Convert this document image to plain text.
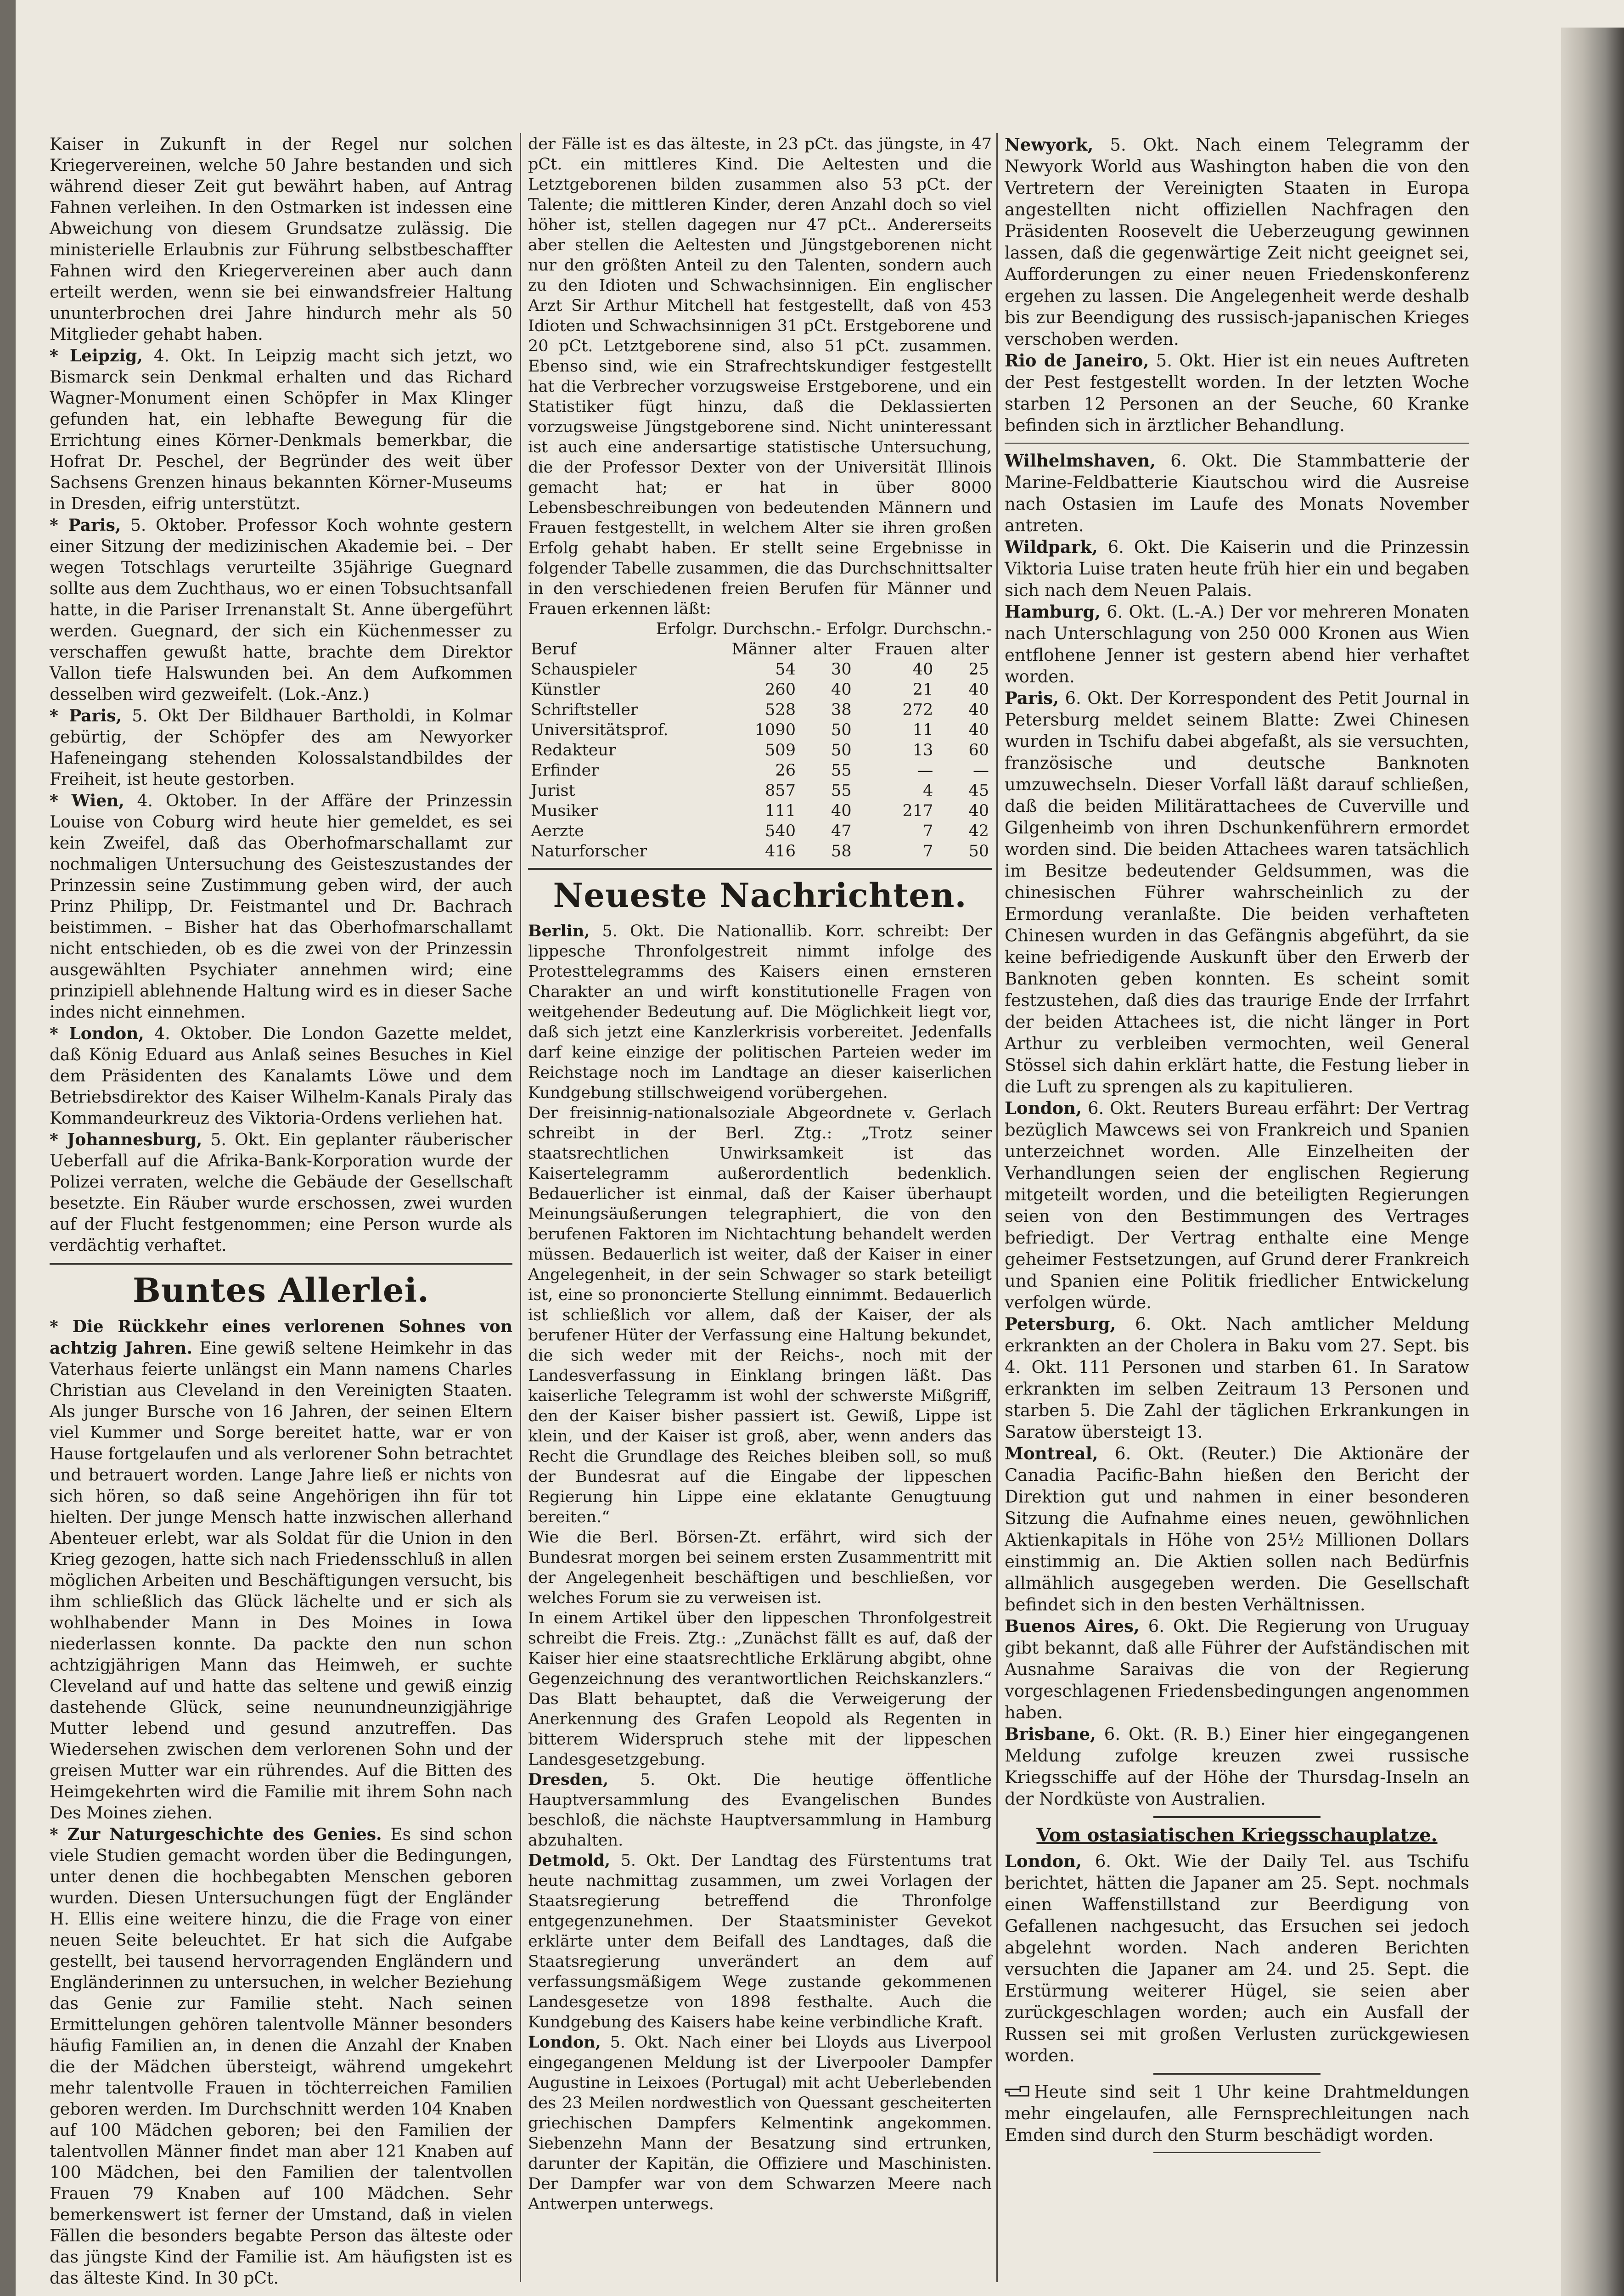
Kaiser in Zukunft in der Regel nur solchen Kriegervereinen, welche 50 Jahre bestanden und sich während dieser Zeit gut bewährt haben, auf Antrag Fahnen verleihen. In den Ostmarken ist indessen eine Abweichung von diesem Grundsatze zulässig. Die ministerielle Erlaubnis zur Führung selbstbeschaffter Fahnen wird den Kriegervereinen aber auch dann erteilt werden, wenn sie bei einwandsfreier Haltung ununterbrochen drei Jahre hindurch mehr als 50 Mitglieder gehabt haben.

* Leipzig, 4. Okt. In Leipzig macht sich jetzt, wo Bismarck sein Denkmal erhalten und das Richard Wagner-Monument einen Schöpfer in Max Klinger gefunden hat, ein lebhafte Bewegung für die Errichtung eines Körner-Denkmals bemerkbar, die Hofrat Dr. Peschel, der Begründer des weit über Sachsens Grenzen hinaus bekannten Körner-Museums in Dresden, eifrig unterstützt.

* Paris, 5. Oktober. Professor Koch wohnte gestern einer Sitzung der medizinischen Akademie bei. – Der wegen Totschlags verurteilte 35jährige Guegnard sollte aus dem Zuchthaus, wo er einen Tobsuchtsanfall hatte, in die Pariser Irrenanstalt St. Anne übergeführt werden. Guegnard, der sich ein Küchenmesser zu verschaffen gewußt hatte, brachte dem Direktor Vallon tiefe Halswunden bei. An dem Aufkommen desselben wird gezweifelt. (Lok.-Anz.)

* Paris, 5. Okt Der Bildhauer Bartholdi, in Kolmar gebürtig, der Schöpfer des am Newyorker Hafeneingang stehenden Kolossalstandbildes der Freiheit, ist heute gestorben.

* Wien, 4. Oktober. In der Affäre der Prinzessin Louise von Coburg wird heute hier gemeldet, es sei kein Zweifel, daß das Oberhofmarschallamt zur nochmaligen Untersuchung des Geisteszustandes der Prinzessin seine Zustimmung geben wird, der auch Prinz Philipp, Dr. Feistmantel und Dr. Bachrach beistimmen. – Bisher hat das Oberhofmarschallamt nicht entschieden, ob es die zwei von der Prinzessin ausgewählten Psychiater annehmen wird; eine prinzipiell ablehnende Haltung wird es in dieser Sache indes nicht einnehmen.

* London, 4. Oktober. Die London Gazette meldet, daß König Eduard aus Anlaß seines Besuches in Kiel dem Präsidenten des Kanalamts Löwe und dem Betriebsdirektor des Kaiser Wilhelm-Kanals Piraly das Kommandeurkreuz des Viktoria-Ordens verliehen hat.

* Johannesburg, 5. Okt. Ein geplanter räuberischer Ueberfall auf die Afrika-Bank-Korporation wurde der Polizei verraten, welche die Gebäude der Gesellschaft besetzte. Ein Räuber wurde erschossen, zwei wurden auf der Flucht festgenommen; eine Person wurde als verdächtig verhaftet.

Buntes Allerlei.

* Die Rückkehr eines verlorenen Sohnes von achtzig Jahren. Eine gewiß seltene Heimkehr in das Vaterhaus feierte unlängst ein Mann namens Charles Christian aus Cleveland in den Vereinigten Staaten. Als junger Bursche von 16 Jahren, der seinen Eltern viel Kummer und Sorge bereitet hatte, war er von Hause fortgelaufen und als verlorener Sohn betrachtet und betrauert worden. Lange Jahre ließ er nichts von sich hören, so daß seine Angehörigen ihn für tot hielten. Der junge Mensch hatte inzwischen allerhand Abenteuer erlebt, war als Soldat für die Union in den Krieg gezogen, hatte sich nach Friedensschluß in allen möglichen Arbeiten und Beschäftigungen versucht, bis ihm schließlich das Glück lächelte und er sich als wohlhabender Mann in Des Moines in Iowa niederlassen konnte. Da packte den nun schon achtzigjährigen Mann das Heimweh, er suchte Cleveland auf und hatte das seltene und gewiß einzig dastehende Glück, seine neunundneunzigjährige Mutter lebend und gesund anzutreffen. Das Wiedersehen zwischen dem verlorenen Sohn und der greisen Mutter war ein rührendes. Auf die Bitten des Heimgekehrten wird die Familie mit ihrem Sohn nach Des Moines ziehen.

* Zur Naturgeschichte des Genies. Es sind schon viele Studien gemacht worden über die Bedingungen, unter denen die hochbegabten Menschen geboren wurden. Diesen Untersuchungen fügt der Engländer H. Ellis eine weitere hinzu, die die Frage von einer neuen Seite beleuchtet. Er hat sich die Aufgabe gestellt, bei tausend hervorragenden Engländern und Engländerinnen zu untersuchen, in welcher Beziehung das Genie zur Familie steht. Nach seinen Ermittelungen gehören talentvolle Männer besonders häufig Familien an, in denen die Anzahl der Knaben die der Mädchen übersteigt, während umgekehrt mehr talentvolle Frauen in töchterreichen Familien geboren werden. Im Durchschnitt werden 104 Knaben auf 100 Mädchen geboren; bei den Familien der talentvollen Männer findet man aber 121 Knaben auf 100 Mädchen, bei den Familien der talentvollen Frauen 79 Knaben auf 100 Mädchen. Sehr bemerkenswert ist ferner der Umstand, daß in vielen Fällen die besonders begabte Person das älteste oder das jüngste Kind der Familie ist. Am häufigsten ist es das älteste Kind. In 30 pCt.

der Fälle ist es das älteste, in 23 pCt. das jüngste, in 47 pCt. ein mittleres Kind. Die Aeltesten und die Letztgeborenen bilden zusammen also 53 pCt. der Talente; die mittleren Kinder, deren Anzahl doch so viel höher ist, stellen dagegen nur 47 pCt.. Andererseits aber stellen die Aeltesten und Jüngstgeborenen nicht nur den größten Anteil zu den Talenten, sondern auch zu den Idioten und Schwachsinnigen. Ein englischer Arzt Sir Arthur Mitchell hat festgestellt, daß von 453 Idioten und Schwachsinnigen 31 pCt. Erstgeborene und 20 pCt. Letztgeborene sind, also 51 pCt. zusammen. Ebenso sind, wie ein Strafrechtskundiger festgestellt hat die Verbrecher vorzugsweise Erstgeborene, und ein Statistiker fügt hinzu, daß die Deklassierten vorzugsweise Jüngstgeborene sind. Nicht uninteressant ist auch eine andersartige statistische Untersuchung, die der Professor Dexter von der Universität Illinois gemacht hat; er hat in über 8000 Lebensbeschreibungen von bedeutenden Männern und Frauen festgestellt, in welchem Alter sie ihren großen Erfolg gehabt haben. Er stellt seine Ergebnisse in folgender Tabelle zusammen, die das Durchschnittsalter in den verschiedenen freien Berufen für Männer und Frauen erkennen läßt:

Erfolgr. Durchschn.- Erfolgr. Durchschn.-
Beruf	Männer	alter	Frauen	alter
Schauspieler	54	30	40	25
Künstler	260	40	21	40
Schriftsteller	528	38	272	40
Universitätsprof.	1090	50	11	40
Redakteur	509	50	13	60
Erfinder	26	55	—	—
Jurist	857	55	4	45
Musiker	111	40	217	40
Aerzte	540	47	7	42
Naturforscher	416	58	7	50
Neueste Nachrichten.

Berlin, 5. Okt. Die Nationallib. Korr. schreibt: Der lippesche Thronfolgestreit nimmt infolge des Protesttelegramms des Kaisers einen ernsteren Charakter an und wirft konstitutionelle Fragen von weitgehender Bedeutung auf. Die Möglichkeit liegt vor, daß sich jetzt eine Kanzlerkrisis vorbereitet. Jedenfalls darf keine einzige der politischen Parteien weder im Reichstage noch im Landtage an dieser kaiserlichen Kundgebung stillschweigend vorübergehen.

Der freisinnig-nationalsoziale Abgeordnete v. Gerlach schreibt in der Berl. Ztg.: „Trotz seiner staatsrechtlichen Unwirksamkeit ist das Kaisertelegramm außerordentlich bedenklich. Bedauerlicher ist einmal, daß der Kaiser überhaupt Meinungsäußerungen telegraphiert, die von den berufenen Faktoren im Nichtachtung behandelt werden müssen. Bedauerlich ist weiter, daß der Kaiser in einer Angelegenheit, in der sein Schwager so stark beteiligt ist, eine so prononcierte Stellung einnimmt. Bedauerlich ist schließlich vor allem, daß der Kaiser, der als berufener Hüter der Verfassung eine Haltung bekundet, die sich weder mit der Reichs-, noch mit der Landesverfassung in Einklang bringen läßt. Das kaiserliche Telegramm ist wohl der schwerste Mißgriff, den der Kaiser bisher passiert ist. Gewiß, Lippe ist klein, und der Kaiser ist groß, aber, wenn anders das Recht die Grundlage des Reiches bleiben soll, so muß der Bundesrat auf die Eingabe der lippeschen Regierung hin Lippe eine eklatante Genugtuung bereiten.“

Wie die Berl. Börsen-Zt. erfährt, wird sich der Bundesrat morgen bei seinem ersten Zusammentritt mit der Angelegenheit beschäftigen und beschließen, vor welches Forum sie zu verweisen ist.

In einem Artikel über den lippeschen Thronfolgestreit schreibt die Freis. Ztg.: „Zunächst fällt es auf, daß der Kaiser hier eine staatsrechtliche Erklärung abgibt, ohne Gegenzeichnung des verantwortlichen Reichskanzlers.“ Das Blatt behauptet, daß die Verweigerung der Anerkennung des Grafen Leopold als Regenten in bitterem Widerspruch stehe mit der lippeschen Landesgesetzgebung.

Dresden, 5. Okt. Die heutige öffentliche Hauptversammlung des Evangelischen Bundes beschloß, die nächste Hauptversammlung in Hamburg abzuhalten.

Detmold, 5. Okt. Der Landtag des Fürstentums trat heute nachmittag zusammen, um zwei Vorlagen der Staatsregierung betreffend die Thronfolge entgegenzunehmen. Der Staatsminister Gevekot erklärte unter dem Beifall des Landtages, daß die Staatsregierung unverändert an dem auf verfassungsmäßigem Wege zustande gekommenen Landesgesetze von 1898 festhalte. Auch die Kundgebung des Kaisers habe keine verbindliche Kraft.

London, 5. Okt. Nach einer bei Lloyds aus Liverpool eingegangenen Meldung ist der Liverpooler Dampfer Augustine in Leixoes (Portugal) mit acht Ueberlebenden des 23 Meilen nordwestlich von Quessant gescheiterten griechischen Dampfers Kelmentink angekommen. Siebenzehn Mann der Besatzung sind ertrunken, darunter der Kapitän, die Offiziere und Maschinisten. Der Dampfer war von dem Schwarzen Meere nach Antwerpen unterwegs.

Newyork, 5. Okt. Nach einem Telegramm der Newyork World aus Washington haben die von den Vertretern der Vereinigten Staaten in Europa angestellten nicht offiziellen Nachfragen den Präsidenten Roosevelt die Ueberzeugung gewinnen lassen, daß die gegenwärtige Zeit nicht geeignet sei, Aufforderungen zu einer neuen Friedenskonferenz ergehen zu lassen. Die Angelegenheit werde deshalb bis zur Beendigung des russisch-japanischen Krieges verschoben werden.

Rio de Janeiro, 5. Okt. Hier ist ein neues Auftreten der Pest festgestellt worden. In der letzten Woche starben 12 Personen an der Seuche, 60 Kranke befinden sich in ärztlicher Behandlung.

Wilhelmshaven, 6. Okt. Die Stammbatterie der Marine-Feldbatterie Kiautschou wird die Ausreise nach Ostasien im Laufe des Monats November antreten.

Wildpark, 6. Okt. Die Kaiserin und die Prinzessin Viktoria Luise traten heute früh hier ein und begaben sich nach dem Neuen Palais.

Hamburg, 6. Okt. (L.-A.) Der vor mehreren Monaten nach Unterschlagung von 250 000 Kronen aus Wien entflohene Jenner ist gestern abend hier verhaftet worden.

Paris, 6. Okt. Der Korrespondent des Petit Journal in Petersburg meldet seinem Blatte: Zwei Chinesen wurden in Tschifu dabei abgefaßt, als sie versuchten, französische und deutsche Banknoten umzuwechseln. Dieser Vorfall läßt darauf schließen, daß die beiden Militärattachees de Cuverville und Gilgenheimb von ihren Dschunkenführern ermordet worden sind. Die beiden Attachees waren tatsächlich im Besitze bedeutender Geldsummen, was die chinesischen Führer wahrscheinlich zu der Ermordung veranlaßte. Die beiden verhafteten Chinesen wurden in das Gefängnis abgeführt, da sie keine befriedigende Auskunft über den Erwerb der Banknoten geben konnten. Es scheint somit festzustehen, daß dies das traurige Ende der Irrfahrt der beiden Attachees ist, die nicht länger in Port Arthur zu verbleiben vermochten, weil General Stössel sich dahin erklärt hatte, die Festung lieber in die Luft zu sprengen als zu kapitulieren.

London, 6. Okt. Reuters Bureau erfährt: Der Vertrag bezüglich Mawcews sei von Frankreich und Spanien unterzeichnet worden. Alle Einzelheiten der Verhandlungen seien der englischen Regierung mitgeteilt worden, und die beteiligten Regierungen seien von den Bestimmungen des Vertrages befriedigt. Der Vertrag enthalte eine Menge geheimer Festsetzungen, auf Grund derer Frankreich und Spanien eine Politik friedlicher Entwickelung verfolgen würde.

Petersburg, 6. Okt. Nach amtlicher Meldung erkrankten an der Cholera in Baku vom 27. Sept. bis 4. Okt. 111 Personen und starben 61. In Saratow erkrankten im selben Zeitraum 13 Personen und starben 5. Die Zahl der täglichen Erkrankungen in Saratow übersteigt 13.

Montreal, 6. Okt. (Reuter.) Die Aktionäre der Canadia Pacific-Bahn hießen den Bericht der Direktion gut und nahmen in einer besonderen Sitzung die Aufnahme eines neuen, gewöhnlichen Aktienkapitals in Höhe von 25½ Millionen Dollars einstimmig an. Die Aktien sollen nach Bedürfnis allmählich ausgegeben werden. Die Gesellschaft befindet sich in den besten Verhältnissen.

Buenos Aires, 6. Okt. Die Regierung von Uruguay gibt bekannt, daß alle Führer der Aufständischen mit Ausnahme Saraivas die von der Regierung vorgeschlagenen Friedensbedingungen angenommen haben.

Brisbane, 6. Okt. (R. B.) Einer hier eingegangenen Meldung zufolge kreuzen zwei russische Kriegsschiffe auf der Höhe der Thursdag-Inseln an der Nordküste von Australien.

Vom ostasiatischen Kriegsschauplatze.

London, 6. Okt. Wie der Daily Tel. aus Tschifu berichtet, hätten die Japaner am 25. Sept. nochmals einen Waffenstillstand zur Beerdigung von Gefallenen nachgesucht, das Ersuchen sei jedoch abgelehnt worden. Nach anderen Berichten versuchten die Japaner am 24. und 25. Sept. die Erstürmung weiterer Hügel, sie seien aber zurückgeschlagen worden; auch ein Ausfall der Russen sei mit großen Verlusten zurückgewiesen worden.

Heute sind seit 1 Uhr keine Drahtmeldungen mehr eingelaufen, alle Fernsprechleitungen nach Emden sind durch den Sturm beschädigt worden.
